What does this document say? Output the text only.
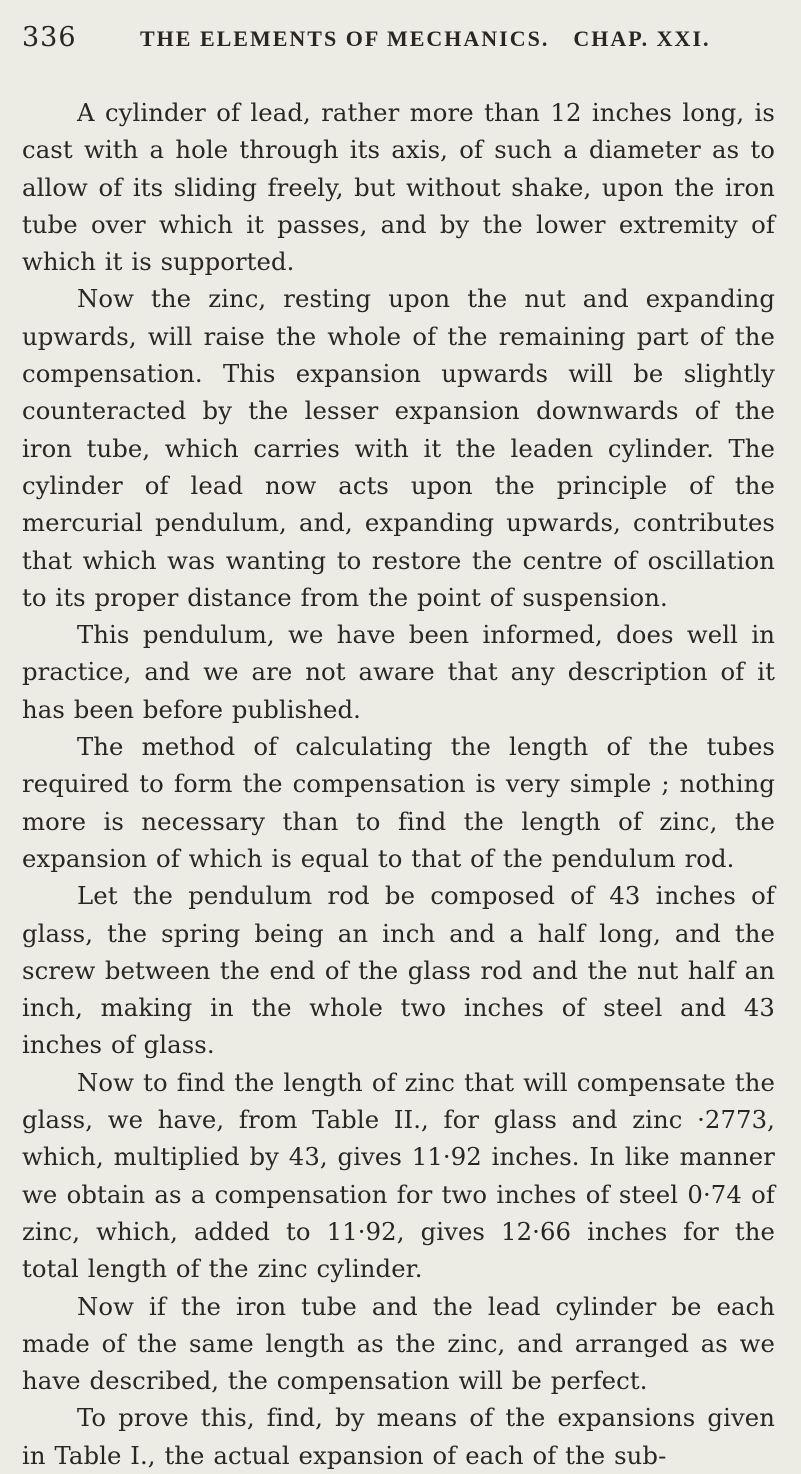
336	THE ELEMENTS OF MECHANICS. CHAP. XXI.

A cylinder of lead, rather more than 12 inches long, is cast with a hole through its axis, of such a diameter as to allow of its sliding freely, but without shake, upon the iron tube over which it passes, and by the lower extremity of which it is supported.

Now the zinc, resting upon the nut and expanding upwards, will raise the whole of the remaining part of the compensation. This expansion upwards will be slightly counteracted by the lesser expansion downwards of the iron tube, which carries with it the leaden cylinder. The cylinder of lead now acts upon the principle of the mercurial pendulum, and, expanding upwards, contributes that which was wanting to restore the centre of oscillation to its proper distance from the point of suspension.

This pendulum, we have been informed, does well in practice, and we are not aware that any description of it has been before published.

The method of calculating the length of the tubes required to form the compensation is very simple ; nothing more is necessary than to find the length of zinc, the expansion of which is equal to that of the pendulum rod.

Let the pendulum rod be composed of 43 inches of glass, the spring being an inch and a half long, and the screw between the end of the glass rod and the nut half an inch, making in the whole two inches of steel and 43 inches of glass.

Now to find the length of zinc that will compensate the glass, we have, from Table II., for glass and zinc ·2773, which, multiplied by 43, gives 11·92 inches. In like manner we obtain as a compensation for two inches of steel 0·74 of zinc, which, added to 11·92, gives 12·66 inches for the total length of the zinc cylinder.

Now if the iron tube and the lead cylinder be each made of the same length as the zinc, and arranged as we have described, the compensation will be perfect.

To prove this, find, by means of the expansions given in Table I., the actual expansion of each of the sub-
